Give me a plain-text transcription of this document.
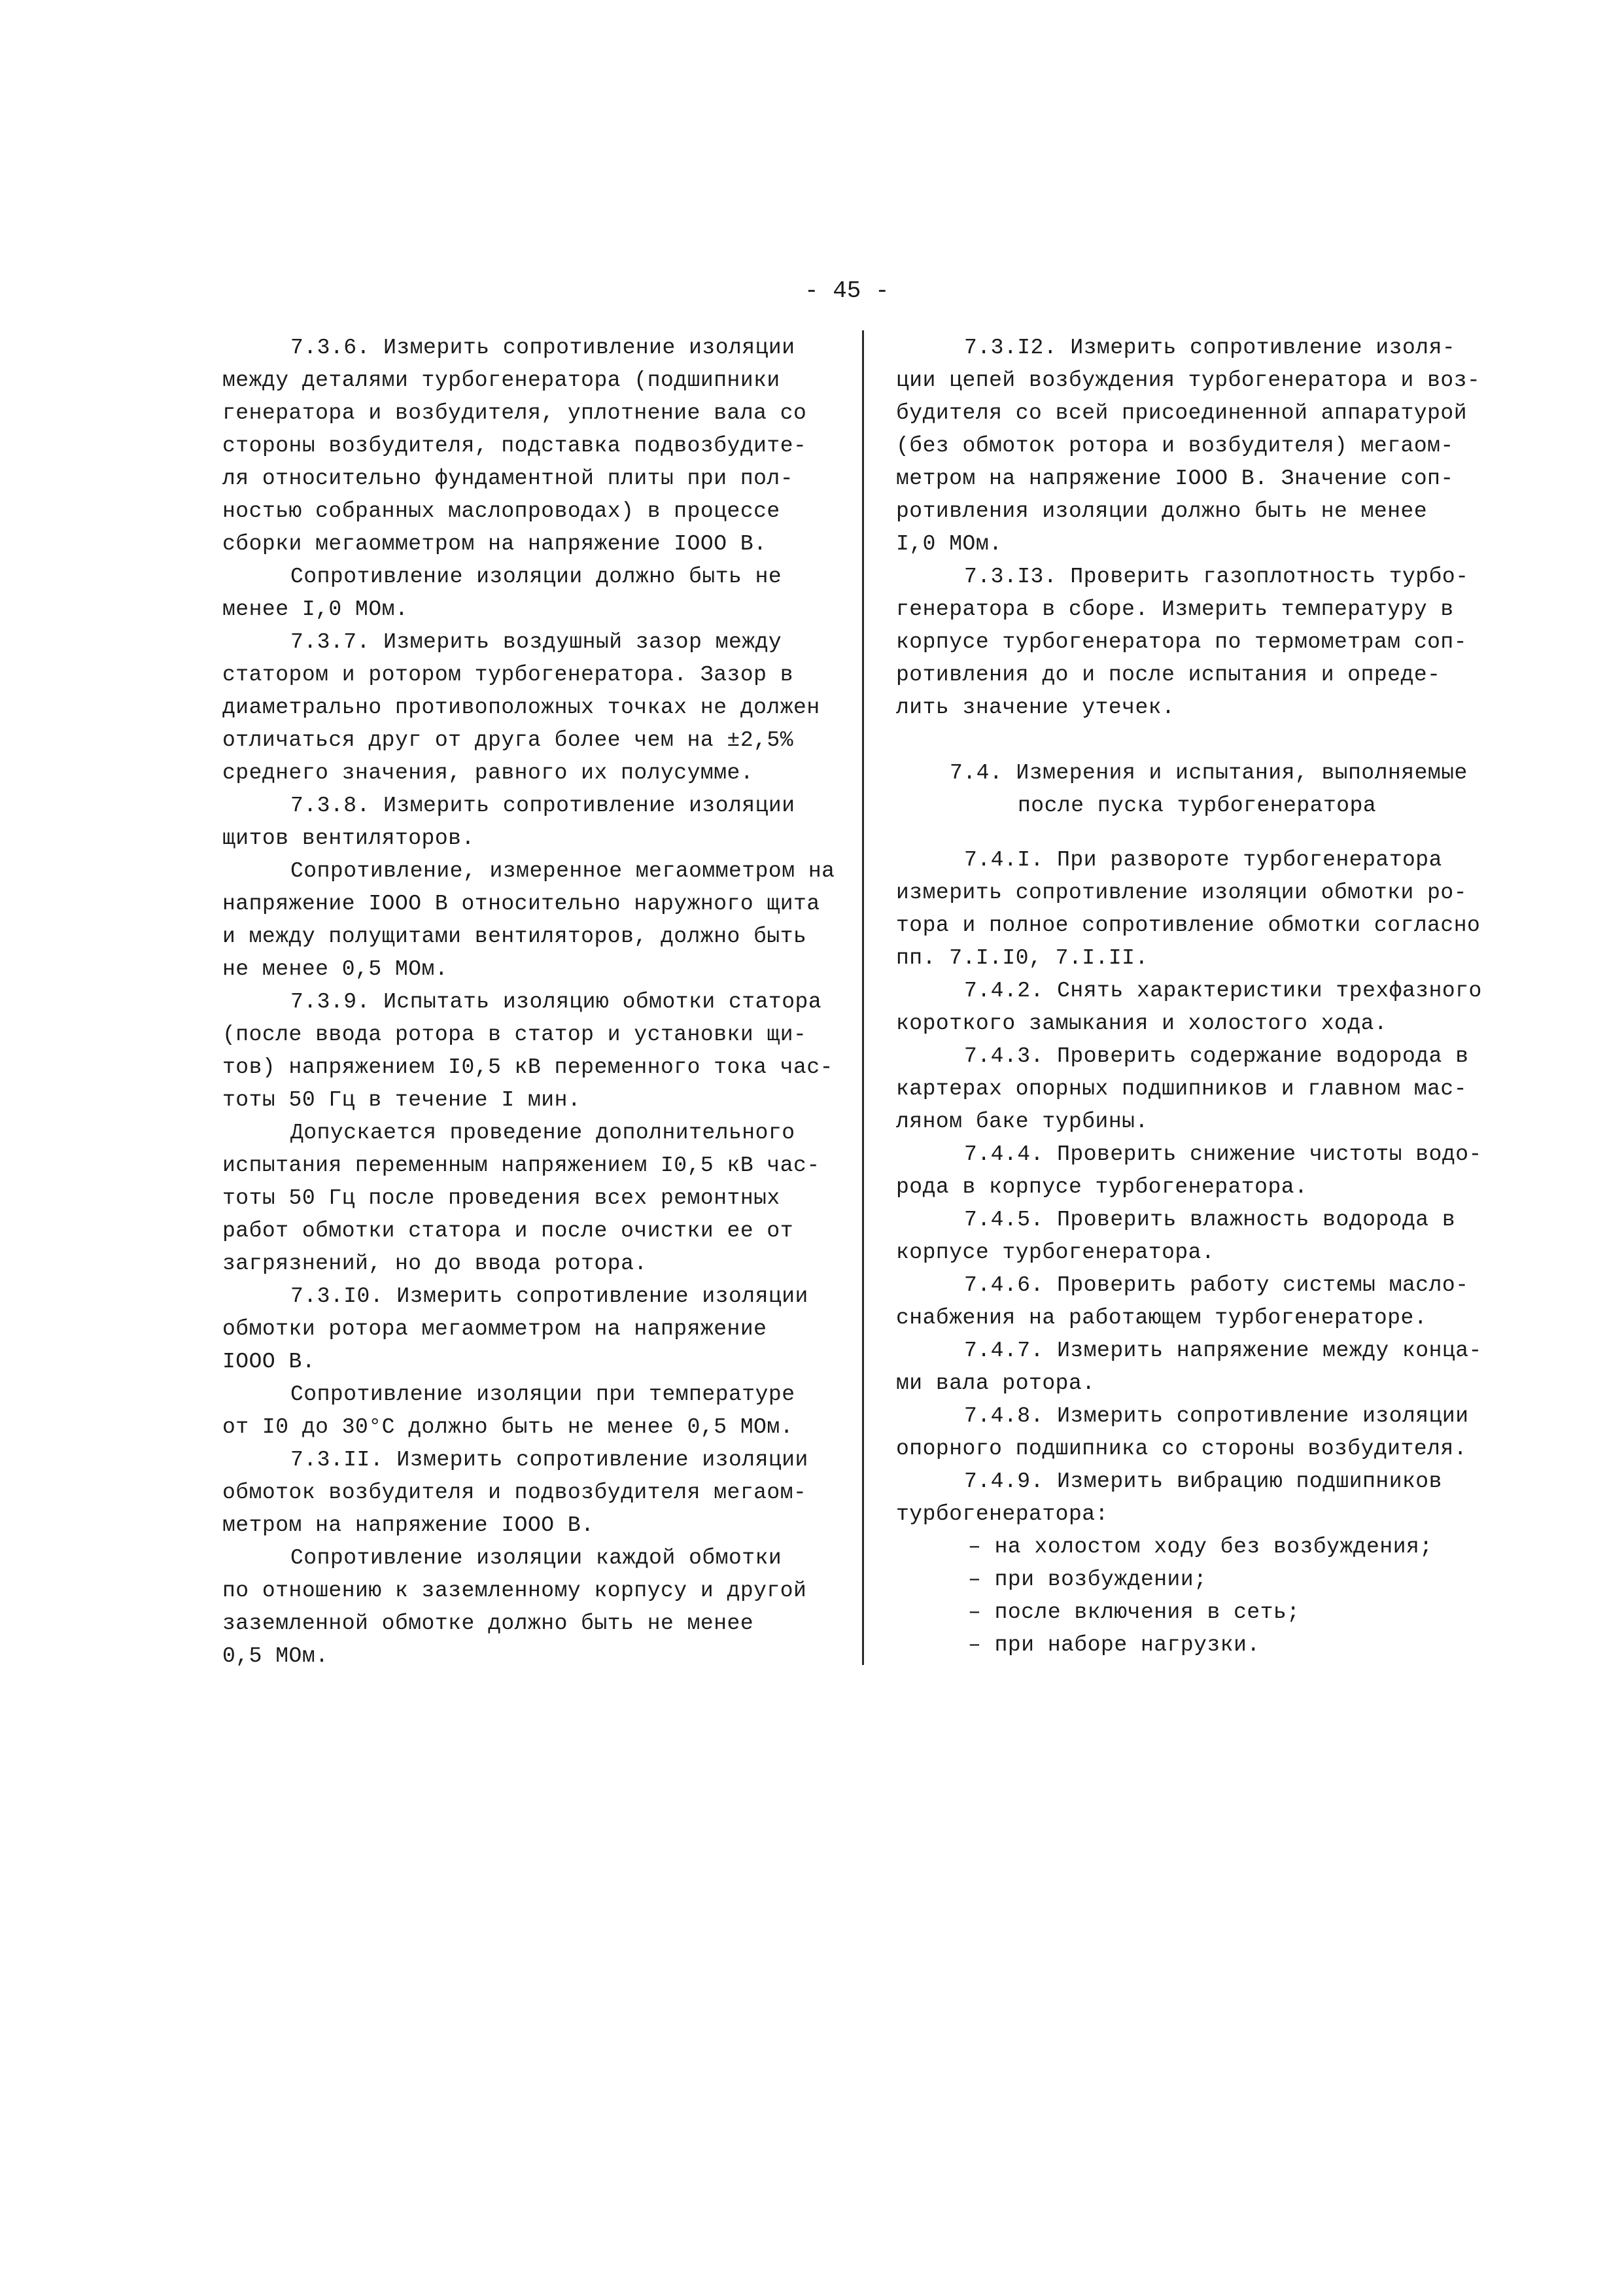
- 45 -
7.3.6. Измерить сопротивление изоляции
между деталями турбогенератора (подшипники
генератора и возбудителя, уплотнение вала со
стороны возбудителя, подставка подвозбудите-
ля относительно фундаментной плиты при пол-
ностью собранных маслопроводах) в процессе
сборки мегаомметром на напряжение IOOO В.
Сопротивление изоляции должно быть не
менее I,0 МОм.
7.3.7. Измерить воздушный зазор между
статором и ротором турбогенератора. Зазор в
диаметрально противоположных точках не должен
отличаться друг от друга более чем на ±2,5%
среднего значения, равного их полусумме.
7.3.8. Измерить сопротивление изоляции
щитов вентиляторов.
Сопротивление, измеренное мегаомметром на
напряжение IOOO В относительно наружного щита
и между полущитами вентиляторов, должно быть
не менее 0,5 МОм.
7.3.9. Испытать изоляцию обмотки статора
(после ввода ротора в статор и установки щи-
тов) напряжением I0,5 кВ переменного тока час-
тоты 50 Гц в течение I мин.
Допускается проведение дополнительного
испытания переменным напряжением I0,5 кВ час-
тоты 50 Гц после проведения всех ремонтных
работ обмотки статора и после очистки ее от
загрязнений, но до ввода ротора.
7.3.I0. Измерить сопротивление изоляции
обмотки ротора мегаомметром на напряжение
IOOO В.
Сопротивление изоляции при температуре
от I0 до 30°С должно быть не менее 0,5 МОм.
7.3.II. Измерить сопротивление изоляции
обмоток возбудителя и подвозбудителя мегаом-
метром на напряжение IOOO В.
Сопротивление изоляции каждой обмотки
по отношению к заземленному корпусу и другой
заземленной обмотке должно быть не менее
0,5 МОм.
7.3.I2. Измерить сопротивление изоля-
ции цепей возбуждения турбогенератора и воз-
будителя со всей присоединенной аппаратурой
(без обмоток ротора и возбудителя) мегаом-
метром на напряжение IOOO В. Значение соп-
ротивления изоляции должно быть не менее
I,0 МОм.
7.3.I3. Проверить газоплотность турбо-
генератора в сборе. Измерить температуру в
корпусе турбогенератора по термометрам соп-
ротивления до и после испытания и опреде-
лить значение утечек.
7.4. Измерения и испытания, выполняемые
после пуска турбогенератора
7.4.I. При развороте турбогенератора
измерить сопротивление изоляции обмотки ро-
тора и полное сопротивление обмотки согласно
пп. 7.I.I0, 7.I.II.
7.4.2. Снять характеристики трехфазного
короткого замыкания и холостого хода.
7.4.3. Проверить содержание водорода в
картерах опорных подшипников и главном мас-
ляном баке турбины.
7.4.4. Проверить снижение чистоты водо-
рода в корпусе турбогенератора.
7.4.5. Проверить влажность водорода в
корпусе турбогенератора.
7.4.6. Проверить работу системы масло-
снабжения на работающем турбогенераторе.
7.4.7. Измерить напряжение между конца-
ми вала ротора.
7.4.8. Измерить сопротивление изоляции
опорного подшипника со стороны возбудителя.
7.4.9. Измерить вибрацию подшипников
турбогенератора:
– на холостом ходу без возбуждения;
– при возбуждении;
– после включения в сеть;
– при наборе нагрузки.
